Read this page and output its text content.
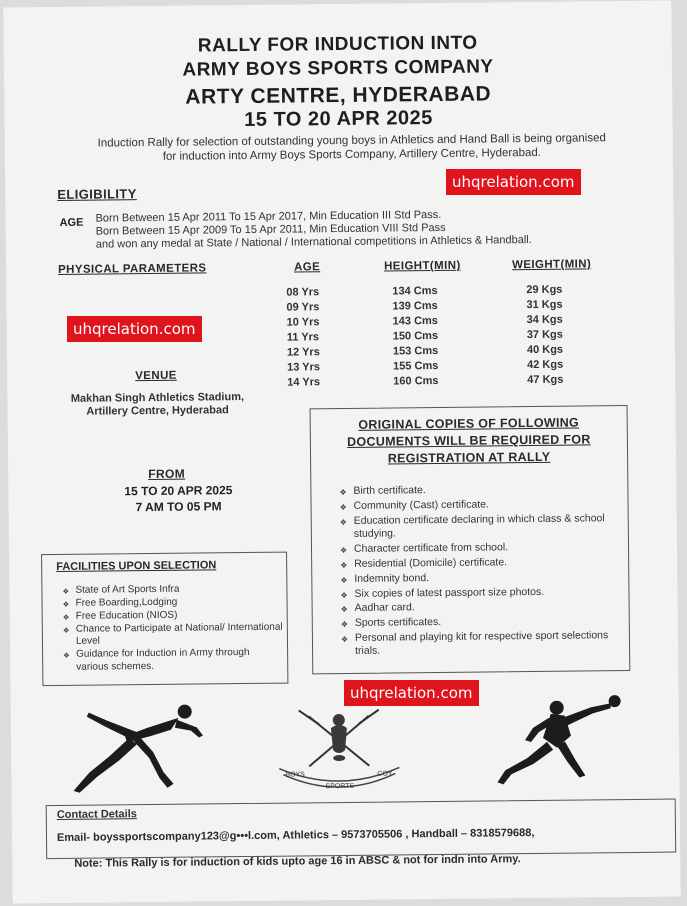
RALLY FOR INDUCTION INTO
ARMY BOYS SPORTS COMPANY
ARTY CENTRE, HYDERABAD
15 TO 20 APR 2025
Induction Rally for selection of outstanding young boys in Athletics and Hand Ball is being organised
for induction into Army Boys Sports Company, Artillery Centre, Hyderabad.
ELIGIBILITY
AGE Born Between 15 Apr 2011 To 15 Apr 2017, Min Education III Std Pass.
Born Between 15 Apr 2009 To 15 Apr 2011, Min Education VIII Std Pass
and won any medal at State / National / International competitions in Athletics & Handball.
PHYSICAL PARAMETERS	AGE	HEIGHT(MIN)	WEIGHT(MIN)
08 Yrs	134 Cms	29 Kgs
09 Yrs	139 Cms	31 Kgs
10 Yrs	143 Cms	34 Kgs
11 Yrs	150 Cms	37 Kgs
12 Yrs	153 Cms	40 Kgs
13 Yrs	155 Cms	42 Kgs
14 Yrs	160 Cms	47 Kgs
VENUE
Makhan Singh Athletics Stadium,
Artillery Centre, Hyderabad
FROM
15 TO 20 APR 2025
7 AM TO 05 PM
ORIGINAL COPIES OF FOLLOWING
DOCUMENTS WILL BE REQUIRED FOR
REGISTRATION AT RALLY
❖ Birth certificate.
❖ Community (Cast) certificate.
❖ Education certificate declaring in which class & school studying.
❖ Character certificate from school.
❖ Residential (Domicile) certificate.
❖ Indemnity bond.
❖ Six copies of latest passport size photos.
❖ Aadhar card.
❖ Sports certificates.
❖ Personal and playing kit for respective sport selections trials.
FACILITIES UPON SELECTION
❖ State of Art Sports Infra
❖ Free Boarding,Lodging
❖ Free Education (NIOS)
❖ Chance to Participate at National/ International Level
❖ Guidance for Induction in Army through various schemes.
BOYS
SPORTS
COY
Contact Details
Email- boyssportscompany123@g•••l.com, Athletics – 9573705506 , Handball – 8318579688,
Note: This Rally is for induction of kids upto age 16 in ABSC & not for indn into Army.
uhqrelation.com
uhqrelation.com
uhqrelation.com
